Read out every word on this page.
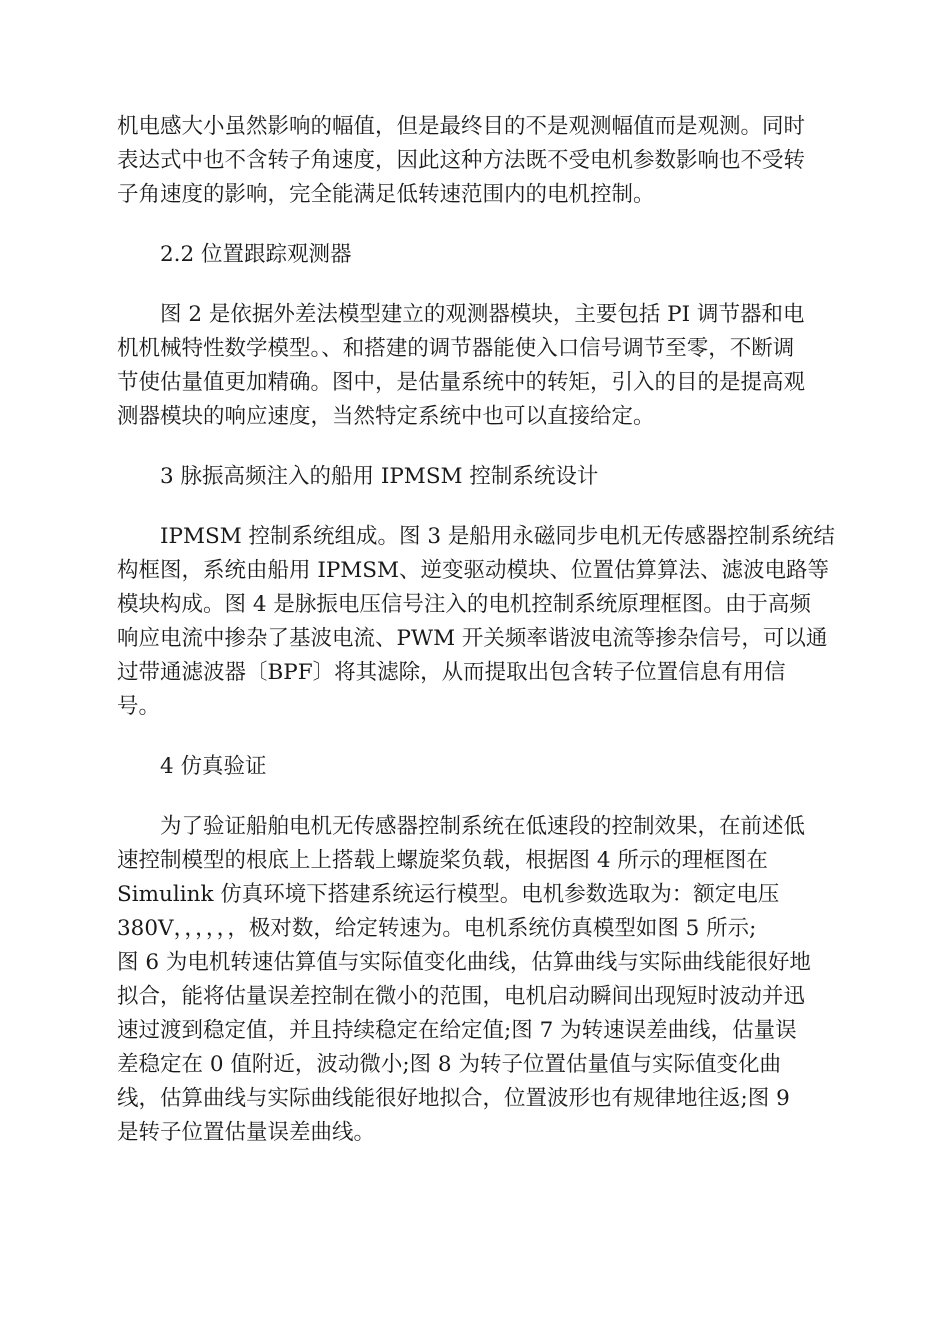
机电感大小虽然影响的幅值，但是最终目的不是观测幅值而是观测。同时
表达式中也不含转子角速度，因此这种方法既不受电机参数影响也不受转
子角速度的影响，完全能满足低转速范围内的电机控制。
2.2 位置跟踪观测器
图 2 是依据外差法模型建立的观测器模块，主要包括 PI 调节器和电
机机械特性数学模型。、和搭建的调节器能使入口信号调节至零，不断调
节使估量值更加精确。图中，是估量系统中的转矩，引入的目的是提高观
测器模块的响应速度，当然特定系统中也可以直接给定。
3 脉振高频注入的船用 IPMSM 控制系统设计
IPMSM 控制系统组成。图 3 是船用永磁同步电机无传感器控制系统结
构框图，系统由船用 IPMSM、逆变驱动模块、位置估算算法、滤波电路等
模块构成。图 4 是脉振电压信号注入的电机控制系统原理框图。由于高频
响应电流中掺杂了基波电流、PWM 开关频率谐波电流等掺杂信号，可以通
过带通滤波器〔BPF〕将其滤除，从而提取出包含转子位置信息有用信
号。
4 仿真验证
为了验证船舶电机无传感器控制系统在低速段的控制效果，在前述低
速控制模型的根底上上搭载上螺旋桨负载，根据图 4 所示的理框图在
Simulink 仿真环境下搭建系统运行模型。电机参数选取为：额定电压
380V，，，，，，极对数，给定转速为。电机系统仿真模型如图 5 所示;
图 6 为电机转速估算值与实际值变化曲线，估算曲线与实际曲线能很好地
拟合，能将估量误差控制在微小的范围，电机启动瞬间出现短时波动并迅
速过渡到稳定值，并且持续稳定在给定值;图 7 为转速误差曲线，估量误
差稳定在 0 值附近，波动微小;图 8 为转子位置估量值与实际值变化曲
线，估算曲线与实际曲线能很好地拟合，位置波形也有规律地往返;图 9
是转子位置估量误差曲线。
